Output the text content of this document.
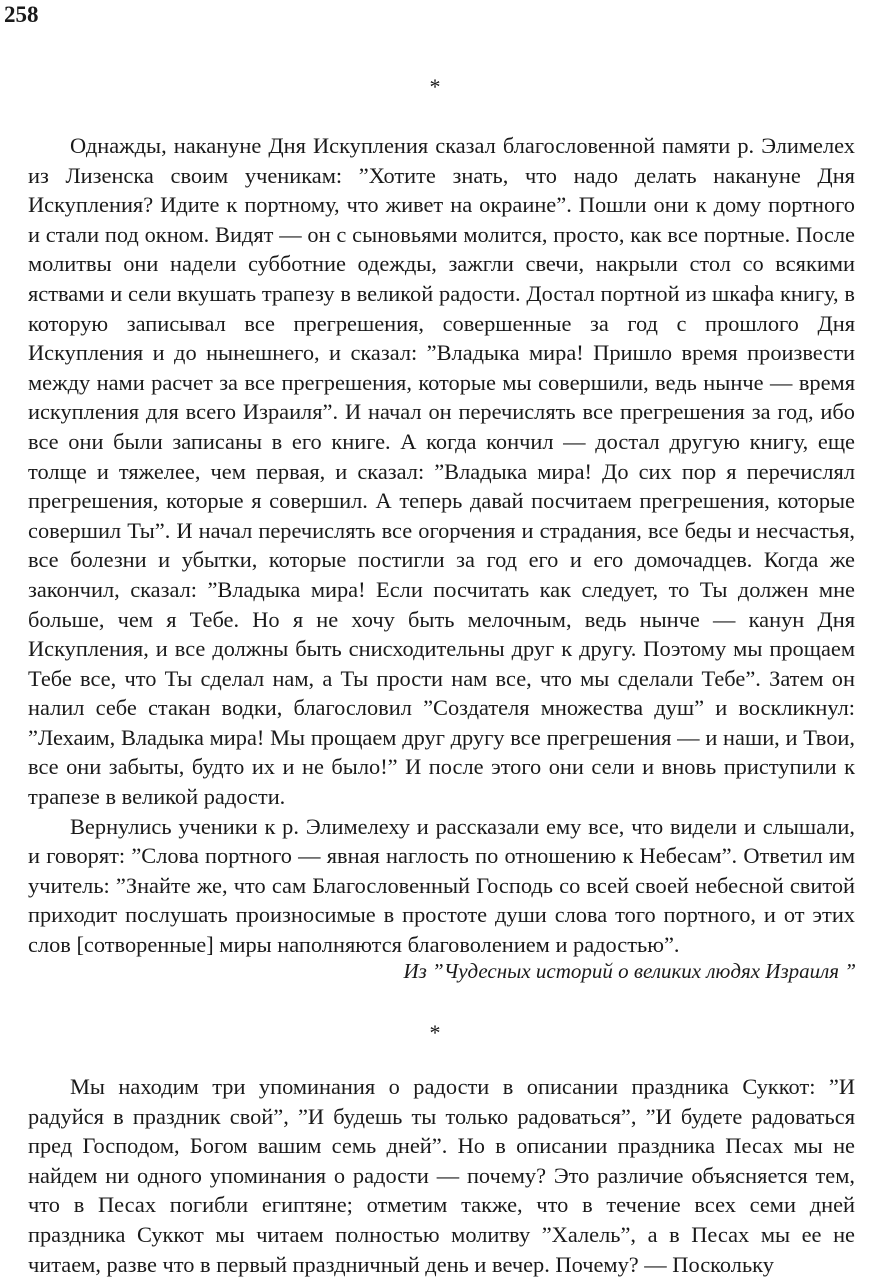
258
*

Однажды, накануне Дня Искупления сказал благословенной памяти р. Элимелех из Лизенска своим ученикам: ”Хотите знать, что надо делать накануне Дня Искупления? Идите к портному, что живет на окраине”. Пошли они к дому портного и стали под окном. Видят — он с сыновьями молится, просто, как все портные. После молитвы они надели субботние одежды, зажгли свечи, накрыли стол со всякими яствами и сели вкушать трапезу в великой радости. Достал портной из шкафа книгу, в которую записывал все прегрешения, совершенные за год с прошлого Дня Искупления и до нынешнего, и сказал: ”Владыка мира! Пришло время произвести между нами расчет за все прегрешения, которые мы совершили, ведь нынче — время искупления для всего Израиля”. И начал он перечислять все прегрешения за год, ибо все они были записаны в его книге. А когда кончил — достал другую книгу, еще толще и тяжелее, чем первая, и сказал: ”Владыка мира! До сих пор я перечислял прегрешения, которые я совершил. А теперь давай посчитаем прегрешения, которые совершил Ты”. И начал перечислять все огорчения и страдания, все беды и несчастья, все болезни и убытки, которые постигли за год его и его домочадцев. Когда же закончил, сказал: ”Владыка мира! Если посчитать как следует, то Ты должен мне больше, чем я Тебе. Но я не хочу быть мелочным, ведь нынче — канун Дня Искупления, и все должны быть снисходительны друг к другу. Поэтому мы прощаем Тебе все, что Ты сделал нам, а Ты прости нам все, что мы сделали Тебе”. Затем он налил себе стакан водки, благословил ”Создателя множества душ” и воскликнул: ”Лехаим, Владыка мира! Мы прощаем друг другу все прегрешения — и наши, и Твои, все они забыты, будто их и не было!” И после этого они сели и вновь приступили к трапезе в великой радости.

Вернулись ученики к р. Элимелеху и рассказали ему все, что видели и слышали, и говорят: ”Слова портного — явная наглость по отношению к Небесам”. Ответил им учитель: ”Знайте же, что сам Благословенный Господь со всей своей небесной свитой приходит послушать произносимые в простоте души слова того портного, и от этих слов [сотворенные] миры наполняются благоволением и радостью”.

Из ”Чудесных историй о великих людях Израиля ”
*

Мы находим три упоминания о радости в описании праздника Суккот: ”И радуйся в праздник свой”, ”И будешь ты только радоваться”, ”И будете радоваться пред Господом, Богом вашим семь дней”. Но в описании праздника Песах мы не найдем ни одного упоминания о радости — почему? Это различие объясняется тем, что в Песах погибли египтяне; отметим также, что в течение всех семи дней праздника Суккот мы читаем полностью молитву ”Халель”, а в Песах мы ее не читаем, разве что в первый праздничный день и вечер. Почему? — Поскольку
